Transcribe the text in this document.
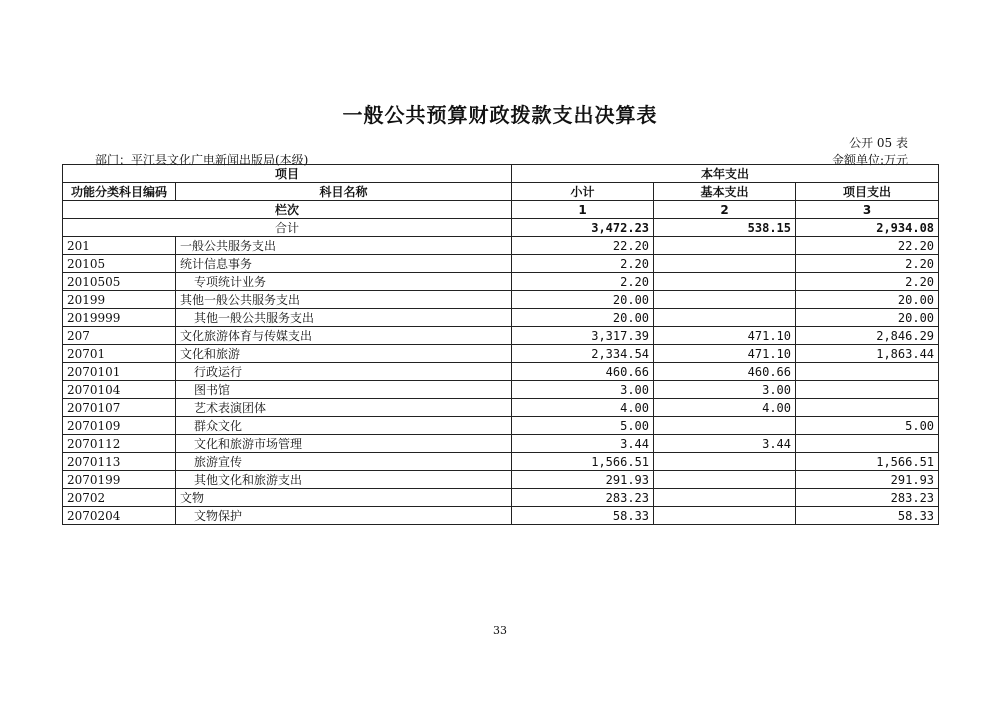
一般公共预算财政拨款支出决算表
公开 05 表
部门：平江县文化广电新闻出版局(本级)	金额单位:万元
项目		本年支出		
功能分类科目编码	科目名称	小计	基本支出	项目支出
栏次		1	2	3
合计		3,472.23	538.15	2,934.08
201	一般公共服务支出	22.20		22.20
20105	统计信息事务	2.20		2.20
2010505	专项统计业务	2.20		2.20
20199	其他一般公共服务支出	20.00		20.00
2019999	其他一般公共服务支出	20.00		20.00
207	文化旅游体育与传媒支出	3,317.39	471.10	2,846.29
20701	文化和旅游	2,334.54	471.10	1,863.44
2070101	行政运行	460.66	460.66	
2070104	图书馆	3.00	3.00	
2070107	艺术表演团体	4.00	4.00	
2070109	群众文化	5.00		5.00
2070112	文化和旅游市场管理	3.44	3.44	
2070113	旅游宣传	1,566.51		1,566.51
2070199	其他文化和旅游支出	291.93		291.93
20702	文物	283.23		283.23
2070204	文物保护	58.33		58.33
33
